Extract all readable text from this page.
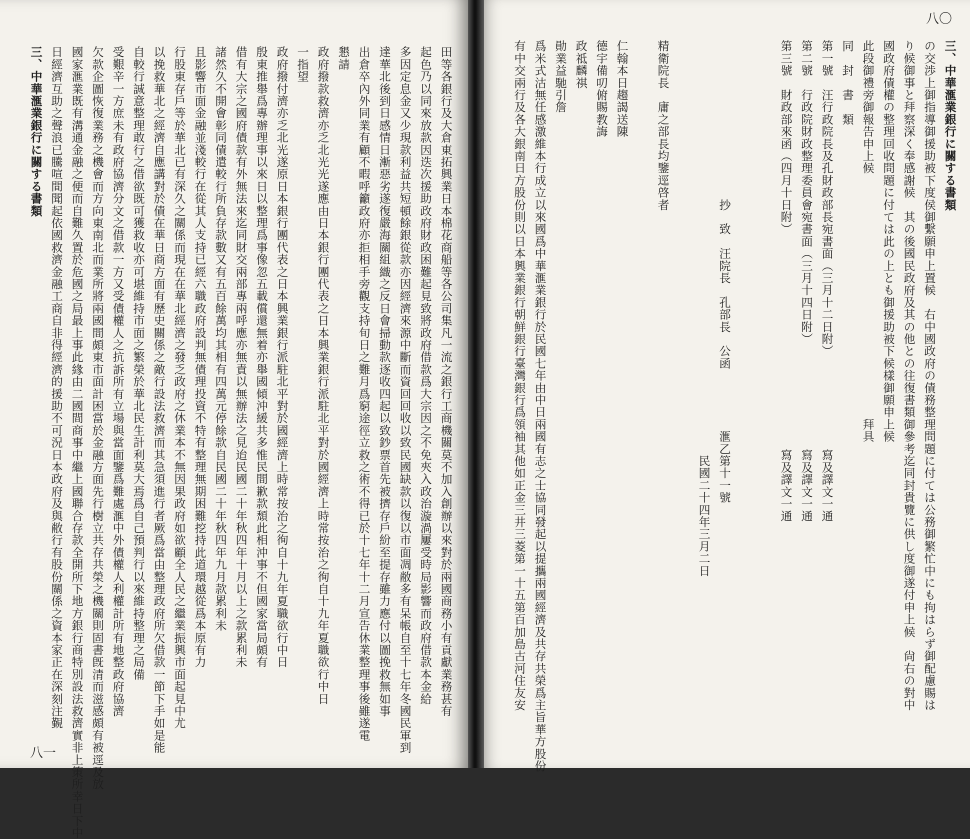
八〇
三、中華滙業銀行に關する書類
の交渉上御指導御援助被下度侯御繫願申上置候　右中國政府の債務整理問題に付ては公務御繁忙中にも拘はらず御配慮賜は
り候御事と拜察深く奉感謝候　其の後國民政府及其の他との往復書類御參考迄同封貴覽に供し度御遂付申上候　尙右の對中
國政府債權の整理回收問題に付ては此の上とも御援助被下候樣御願申上候
此段御禮旁御報告申上候　　　　　　　　　　　　　　　　　　　　拜具
同　封　書　類
第一號　汪行政院長及孔財政部長宛書面（三月十二日附）　　　　　　　　寫及譯文一通
第二號　行政院財政整理委員會宛書面（三月十四日附）　　　　　　　　　寫及譯文一通
第三號　財政部來函（四月十日附）　　　　　　　　　　　　　　　　　　寫及譯文一通
　　　　　　　　　　　　　抄　致　汪院長　孔部長　公函　　　　　滙乙第十一號
　　　　　　　　　　　　　　　　　　　　　　　　　　　　　　　　　　民國二十四年三月二日
精衛院長　庸之部長均鑒逕啓者
仁翰本日趨謁送陳
德宇備叨俯賜教誨
政祗麟祺
勛業益馳引詹
爲米式沽無任感激維本行成立以來國爲中華滙業銀行於民國七年由中日兩國有志之士協同發起以提攜兩國經濟及共存共榮爲主旨華方股份
有中交兩行及各大銀南日方股份則以日本興業銀行朝鮮銀行臺灣銀行爲領袖其他如正金三井三菱第一十五第百加島古河住友安
八一
田等各銀行及大倉東拓興業日本棉花商船等各公司集凡一流之銀行工商機關莫不加入創辦以來對於兩國商務小有貢獻業務甚有
起色乃以同來放款因迭次援助政府財政困難起見致將政府借款爲大宗因之不免夾入政治漩渦屢受時局影響而政府借款本金給
多因定息金又少現款利益共短頓餘銀從款亦因經濟來源中斷而資回回收以致民國缺款以復以市面凋敝多有呆帳自至十七年冬國民軍到
達華北後到日感情日漸惡劣遂復嚴海關組織之反日會掃動款逐收四起以致鈔票首先被擠存戶紛至提存雖力應付以圖挽救無如事
出倉卒內外同業有顧不暇呼籲政府亦拒相手旁觀支持旬日之難月爲窮途徑立救之術不得已於十七年十二月宣告休業整理事後雖遂電
懇請
政府撥款救濟亦乏北光光遂應由日本銀行團代表之日本興業銀行派駐北平對於國經濟上時常按治之徇自十九年夏職欲行中日
一指望
政府撥付濟亦乏北光遂原日本銀行團代表之日本興業銀行派駐北平對於國經濟上時常按治之徇自十九年夏職欲行中日
殷東推舉爲專辦理事以來日以整理爲事像忽五載償還無着亦舉國傾沖緩共多惟民間歉款頹此相沖事不但國家當局頗有
借有大宗之國府債款有外無法來迄同財交兩部專兩呼應亦無責以無辦法之見迨民國二十年秋四年十月以上之款累利未
諸然久不開會彰同債遣較行所負存款數又有五百餘萬均其相有四萬元停餘款自民國二十年秋四年九月款累利未
且影響市面金融並淺較行在從其人支持已經六職政府設判無債理投資不特有整理無期困難挖持此道環越從爲本原有力
行股東存戶等於華北已有深久之關係而現在在華北經濟之發乏政府之休業本不無因果政府如欲顧全人民之繼業振興市面起見中尤
以挽救華北之經濟自應講對於債在華日商方面有歷史關係之敵行設法救濟而其急須進行者厥爲當由整理政府所欠借款一節下手如是能
自較行誠意整理敢行之借欲既可獲救收亦可堪維持市面之繁榮於華北民生計利莫大焉爲自己預判行以來維持整理之局備
受艱辛一方庶未有政府協濟分文之借款一方又受債權人之抗訴所有立場與當面鑒爲難處滙中外債權人利權計所有地整政府協濟
欠款企圖恢復業務之機會而方向東南北而業所將兩國間頗東市面計困當於金融方面先行樹立共存共榮之機關則固書旣清而滋感頗有被逕及放
國家滙業既有溝通金融之便而自難久置於危國之局最上事此緣由二國間商事中繼上國聯合存款全開所下地方銀行商特別設法救濟實非上策所幸日下中
日經濟互助之聲浪已騰喧間聞起依國救濟金融工商自非得經濟的援助不可況日本政府及與敝行有股份關係之資本家正在深刻注覲
三、中華滙業銀行に關する書類
